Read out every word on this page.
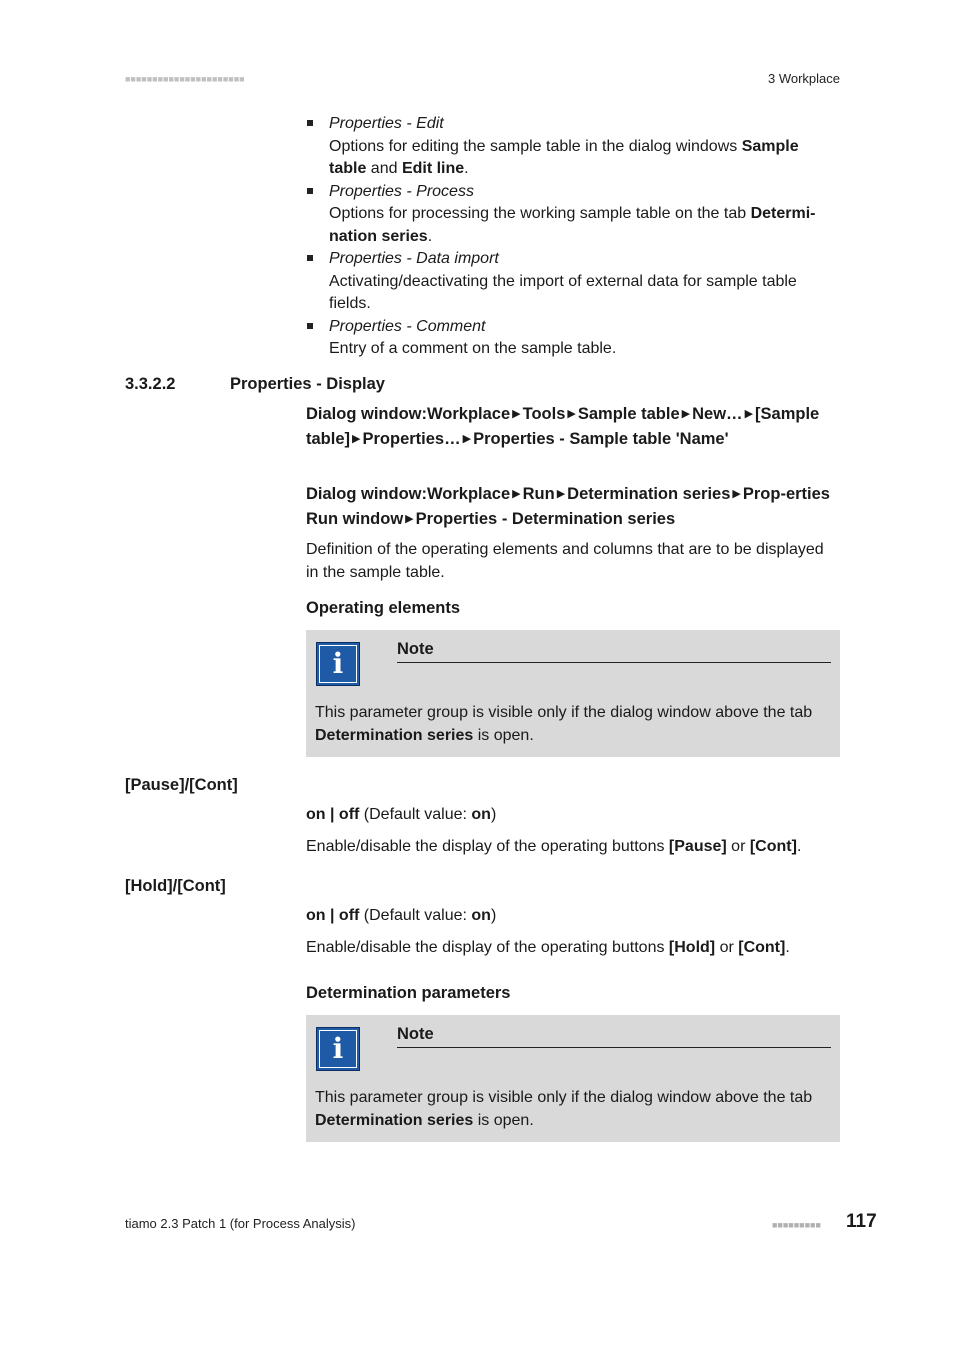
■■■■■■■■■■■■■■■■■■■■■■	3 Workplace
Properties - Edit
Options for editing the sample table in the dialog windows Sample table and Edit line.
Properties - Process
Options for processing the working sample table on the tab Determi-nation series.
Properties - Data import
Activating/deactivating the import of external data for sample table fields.
Properties - Comment
Entry of a comment on the sample table.
3.3.2.2	Properties - Display
Dialog window:Workplace ▶ Tools ▶ Sample table ▶ New… ▶ [Sample table] ▶ Properties… ▶ Properties - Sample table 'Name'
Dialog window:Workplace ▶ Run ▶ Determination series ▶ Prop-erties Run window ▶ Properties - Determination series
Definition of the operating elements and columns that are to be displayed in the sample table.
Operating elements
i	Note
This parameter group is visible only if the dialog window above the tab Determination series is open.
[Pause]/[Cont]
on | off (Default value: on)
Enable/disable the display of the operating buttons [Pause] or [Cont].
[Hold]/[Cont]
on | off (Default value: on)
Enable/disable the display of the operating buttons [Hold] or [Cont].
Determination parameters
i	Note
This parameter group is visible only if the dialog window above the tab Determination series is open.
tiamo 2.3 Patch 1 (for Process Analysis)	■■■■■■■■■ 117
